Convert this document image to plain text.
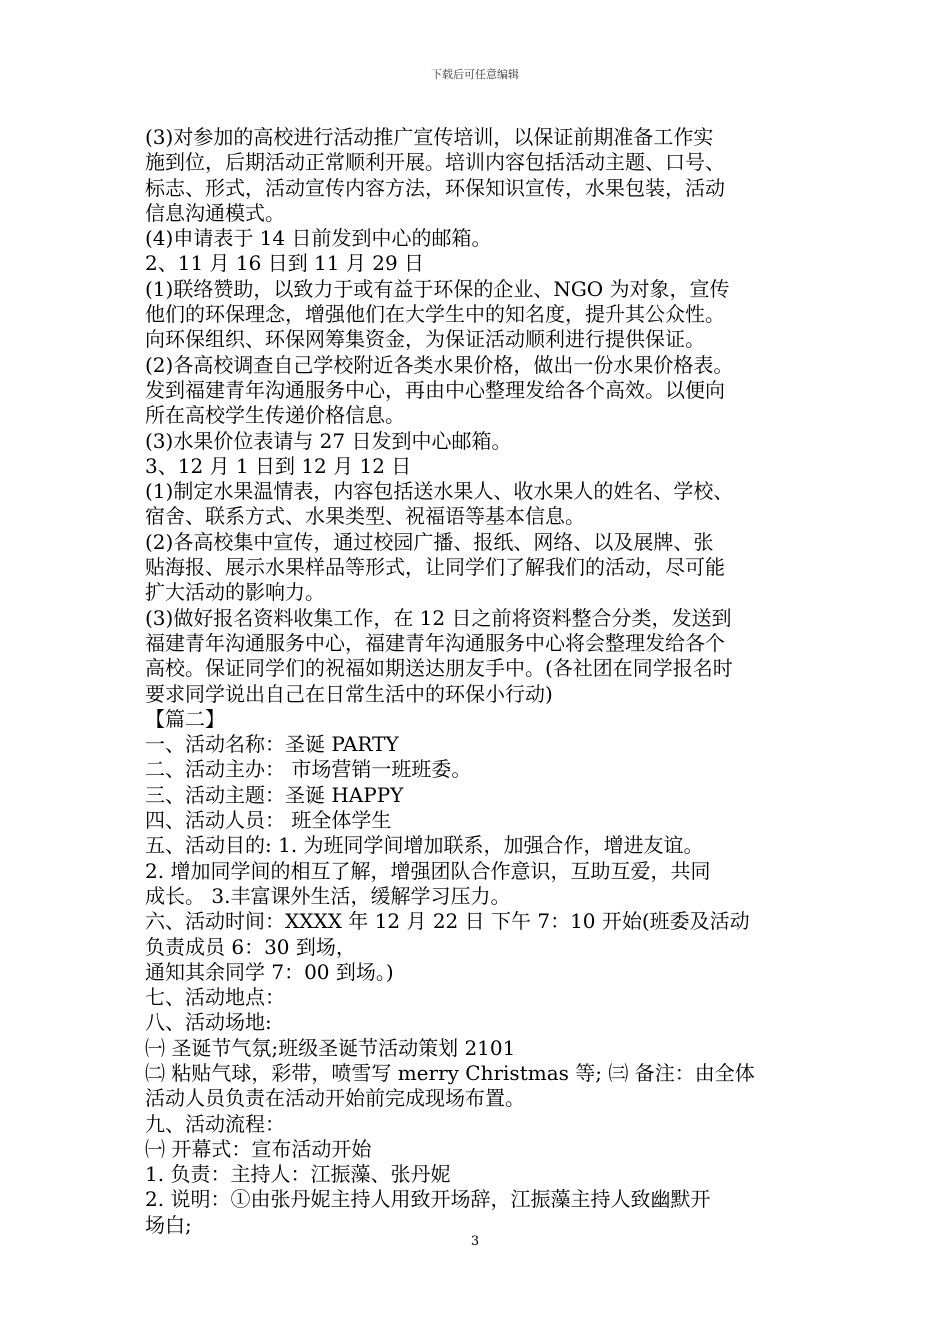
下载后可任意编辑
(3)对参加的高校进行活动推广宣传培训，以保证前期准备工作实
施到位，后期活动正常顺利开展。培训内容包括活动主题、口号、
标志、形式，活动宣传内容方法，环保知识宣传，水果包装，活动
信息沟通模式。
(4)申请表于 14 日前发到中心的邮箱。
2、11 月 16 日到 11 月 29 日
(1)联络赞助，以致力于或有益于环保的企业、NGO 为对象，宣传
他们的环保理念，增强他们在大学生中的知名度，提升其公众性。
向环保组织、环保网筹集资金，为保证活动顺利进行提供保证。
(2)各高校调查自己学校附近各类水果价格，做出一份水果价格表。
发到福建青年沟通服务中心，再由中心整理发给各个高效。以便向
所在高校学生传递价格信息。
(3)水果价位表请与 27 日发到中心邮箱。
3、12 月 1 日到 12 月 12 日
(1)制定水果温情表，内容包括送水果人、收水果人的姓名、学校、
宿舍、联系方式、水果类型、祝福语等基本信息。
(2)各高校集中宣传，通过校园广播、报纸、网络、以及展牌、张
贴海报、展示水果样品等形式，让同学们了解我们的活动，尽可能
扩大活动的影响力。
(3)做好报名资料收集工作，在 12 日之前将资料整合分类，发送到
福建青年沟通服务中心，福建青年沟通服务中心将会整理发给各个
高校。保证同学们的祝福如期送达朋友手中。(各社团在同学报名时
要求同学说出自己在日常生活中的环保小行动)
【篇二】
一、活动名称：圣诞 PARTY
二、活动主办： 市场营销一班班委。
三、活动主题：圣诞 HAPPY
四、活动人员： 班全体学生
五、活动目的: 1. 为班同学间增加联系，加强合作，增进友谊。
2. 增加同学间的相互了解，增强团队合作意识，互助互爱，共同
成长。 3.丰富课外生活，缓解学习压力。
六、活动时间：XXXX 年 12 月 22 日 下午 7：10 开始(班委及活动
负责成员 6：30 到场，
通知其余同学 7：00 到场。)
七、活动地点：
八、活动场地:
㈠ 圣诞节气氛;班级圣诞节活动策划 2101
㈡ 粘贴气球，彩带，喷雪写 merry Christmas 等; ㈢ 备注：由全体
活动人员负责在活动开始前完成现场布置。
九、活动流程：
㈠ 开幕式：宣布活动开始
1. 负责：主持人：江振藻、张丹妮
2. 说明：①由张丹妮主持人用致开场辞，江振藻主持人致幽默开
场白;
3
